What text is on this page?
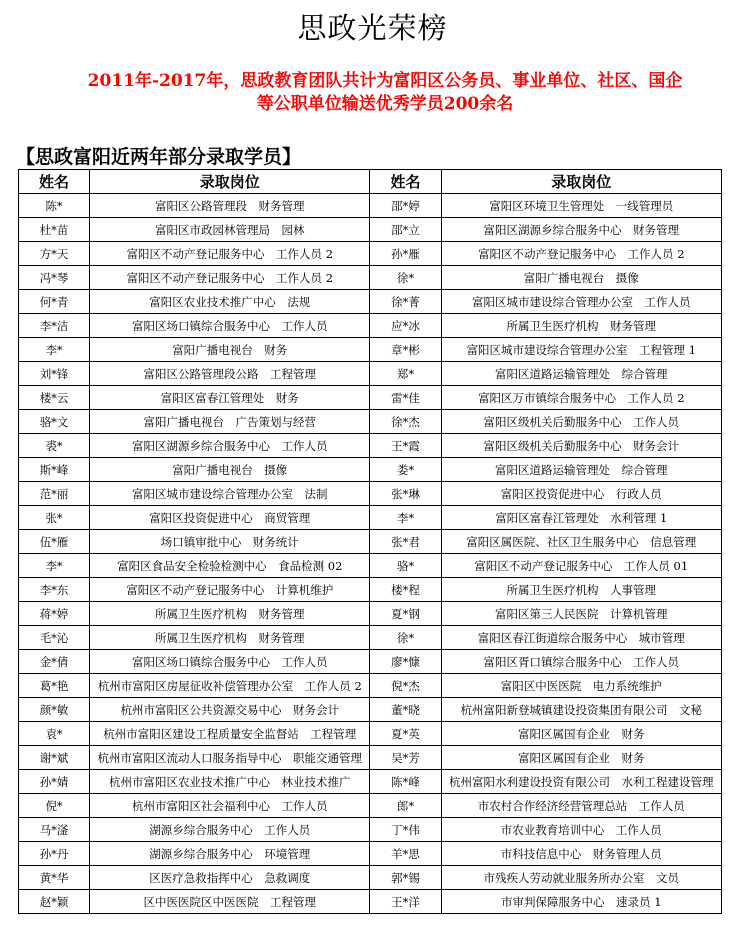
思政光荣榜
2011年-2017年，思政教育团队共计为富阳区公务员、事业单位、社区、国企
等公职单位输送优秀学员200余名
【思政富阳近两年部分录取学员】
姓名	录取岗位	姓名	录取岗位
陈*	富阳区公路管理段　财务管理	邵*婷	富阳区环境卫生管理处　一线管理员
杜*苗	富阳区市政园林管理局　园林	邵*立	富阳区湖源乡综合服务中心　财务管理
方*天	富阳区不动产登记服务中心　工作人员 2	孙*雁	富阳区不动产登记服务中心　工作人员 2
冯*琴	富阳区不动产登记服务中心　工作人员 2	徐*	富阳广播电视台　摄像
何*青	富阳区农业技术推广中心　法规	徐*菁	富阳区城市建设综合管理办公室　工作人员
李*洁	富阳区场口镇综合服务中心　工作人员	应*冰	所属卫生医疗机构　财务管理
李*	富阳广播电视台　财务	章*彬	富阳区城市建设综合管理办公室　工程管理 1
刘*锋	富阳区公路管理段公路　工程管理	郑*	富阳区道路运输管理处　综合管理
楼*云	富阳区富春江管理处　财务	雷*佳	富阳区万市镇综合服务中心　工作人员 2
骆*文	富阳广播电视台　广告策划与经营	徐*杰	富阳区级机关后勤服务中心　工作人员
裘*	富阳区湖源乡综合服务中心　工作人员	王*霞	富阳区级机关后勤服务中心　财务会计
斯*峰	富阳广播电视台　摄像	娄*	富阳区道路运输管理处　综合管理
范*丽	富阳区城市建设综合管理办公室　法制	张*琳	富阳区投资促进中心　行政人员
张*	富阳区投资促进中心　商贸管理	李*	富阳区富春江管理处　水利管理 1
伍*雁	场口镇审批中心　财务统计	张*君	富阳区属医院、社区卫生服务中心　信息管理
李*	富阳区食品安全检验检测中心　食品检测 02	骆*	富阳区不动产登记服务中心　工作人员 01
李*东	富阳区不动产登记服务中心　计算机维护	楼*程	所属卫生医疗机构　人事管理
蒋*婷	所属卫生医疗机构　财务管理	夏*钢	富阳区第三人民医院　计算机管理
毛*沁	所属卫生医疗机构　财务管理	徐*	富阳区春江街道综合服务中心　城市管理
金*倩	富阳区场口镇综合服务中心　工作人员	廖*慷	富阳区胥口镇综合服务中心　工作人员
葛*艳	杭州市富阳区房屋征收补偿管理办公室　工作人员 2	倪*杰	富阳区中医医院　电力系统维护
颜*敏	杭州市富阳区公共资源交易中心　财务会计	董*晓	杭州富阳新登城镇建设投资集团有限公司　文秘
袁*	杭州市富阳区建设工程质量安全监督站　工程管理	夏*英	富阳区属国有企业　财务
谢*斌	杭州市富阳区流动人口服务指导中心　职能交通管理	吴*芳	富阳区属国有企业　财务
孙*婧	杭州市富阳区农业技术推广中心　林业技术推广	陈*峰	杭州富阳水利建设投资有限公司　水利工程建设管理
倪*	杭州市富阳区社会福利中心　工作人员	郎*	市农村合作经济经营管理总站　工作人员
马*滏	湖源乡综合服务中心　工作人员	丁*伟	市农业教育培训中心　工作人员
孙*丹	湖源乡综合服务中心　环境管理	羊*思	市科技信息中心　财务管理人员
黄*华	区医疗急救指挥中心　急救调度	郭*锡	市残疾人劳动就业服务所办公室　文员
赵*颖	区中医医院区中医医院　工程管理	王*洋	市审判保障服务中心　速录员 1
